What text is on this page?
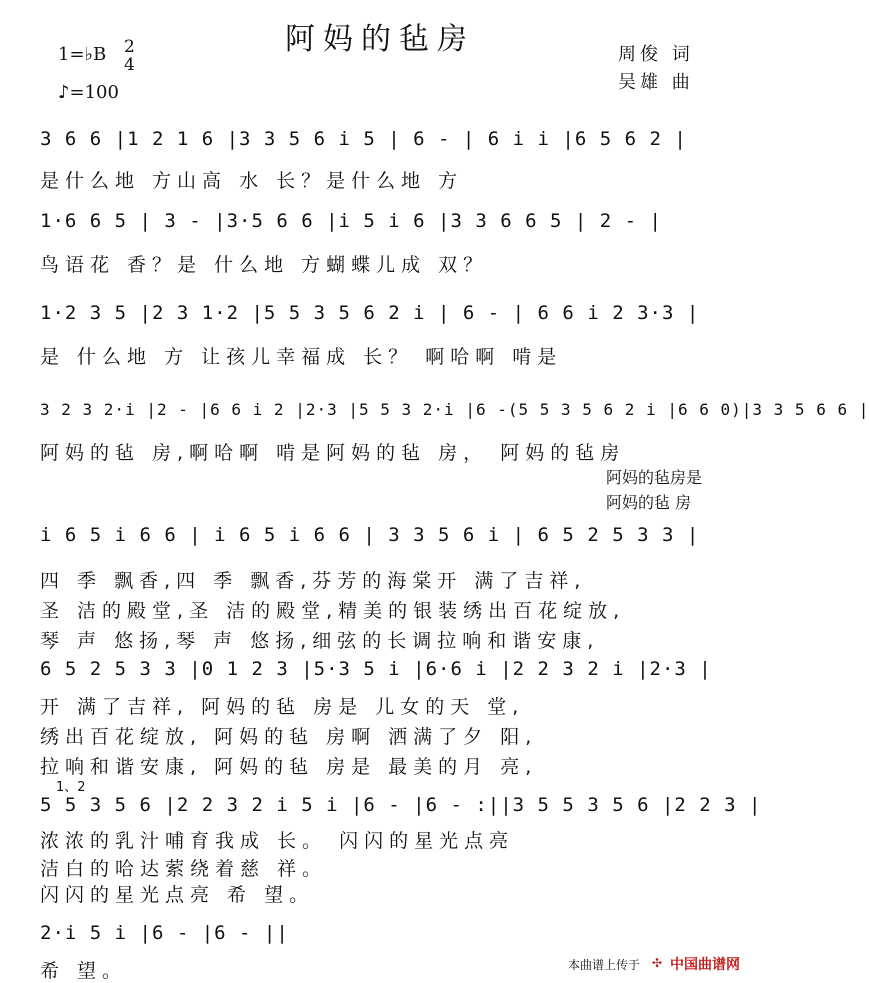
阿妈的毡房
1=♭B 2
4
♪=100
周俊 词
吴雄 曲
3 6 6 |1 2 1 6 |3 3 5 6 i 5 | 6 - | 6 i i |6 5 6 2 |
是什么地 方山高 水 长？是什么地 方
1·6 6 5 | 3 - |3·5 6 6 |i 5 i 6 |3 3 6 6 5 | 2 - |
鸟语花 香？是 什么地 方蝴蝶儿成 双？
1·2 3 5 |2 3 1·2 |5 5 3 5 6 2 i | 6 - | 6 6 i 2 3·3 |
是 什么地 方 让孩儿幸福成 长？ 啊哈啊 啃是
3 2 3 2·i |2 - |6 6 i 2 |2·3 |5 5 3 2·i |6 -(5 5 3 5 6 2 i |6 6 0)|3 3 5 6 6 |
阿妈的毡 房,啊哈啊 啃是阿妈的毡 房， 阿妈的毡房
阿妈的毡房是
阿妈的毡 房
i 6 5 i 6 6 | i 6 5 i 6 6 | 3 3 5 6 i | 6 5 2 5 3 3 |
四 季 飘香,四 季 飘香,芬芳的海棠开 满了吉祥,
圣 洁的殿堂,圣 洁的殿堂,精美的银装绣出百花绽放,
琴 声 悠扬,琴 声 悠扬,细弦的长调拉响和谐安康,
6 5 2 5 3 3 |0 1 2 3 |5·3 5 i |6·6 i |2 2 3 2 i |2·3 |
开 满了吉祥, 阿妈的毡 房是 儿女的天 堂,
绣出百花绽放, 阿妈的毡 房啊 洒满了夕 阳,
拉响和谐安康, 阿妈的毡 房是 最美的月 亮,
1、2
5 5 3 5 6 |2 2 3 2 i 5 i |6 - |6 - :||3 5 5 3 5 6 |2 2 3 |
浓浓的乳汁哺育我成 长。 闪闪的星光点亮
洁白的哈达萦绕着慈 祥。
闪闪的星光点亮 希 望。
2·i 5 i |6 - |6 - ||
希 望。	本曲谱上传于 ✣ 中国曲谱网
